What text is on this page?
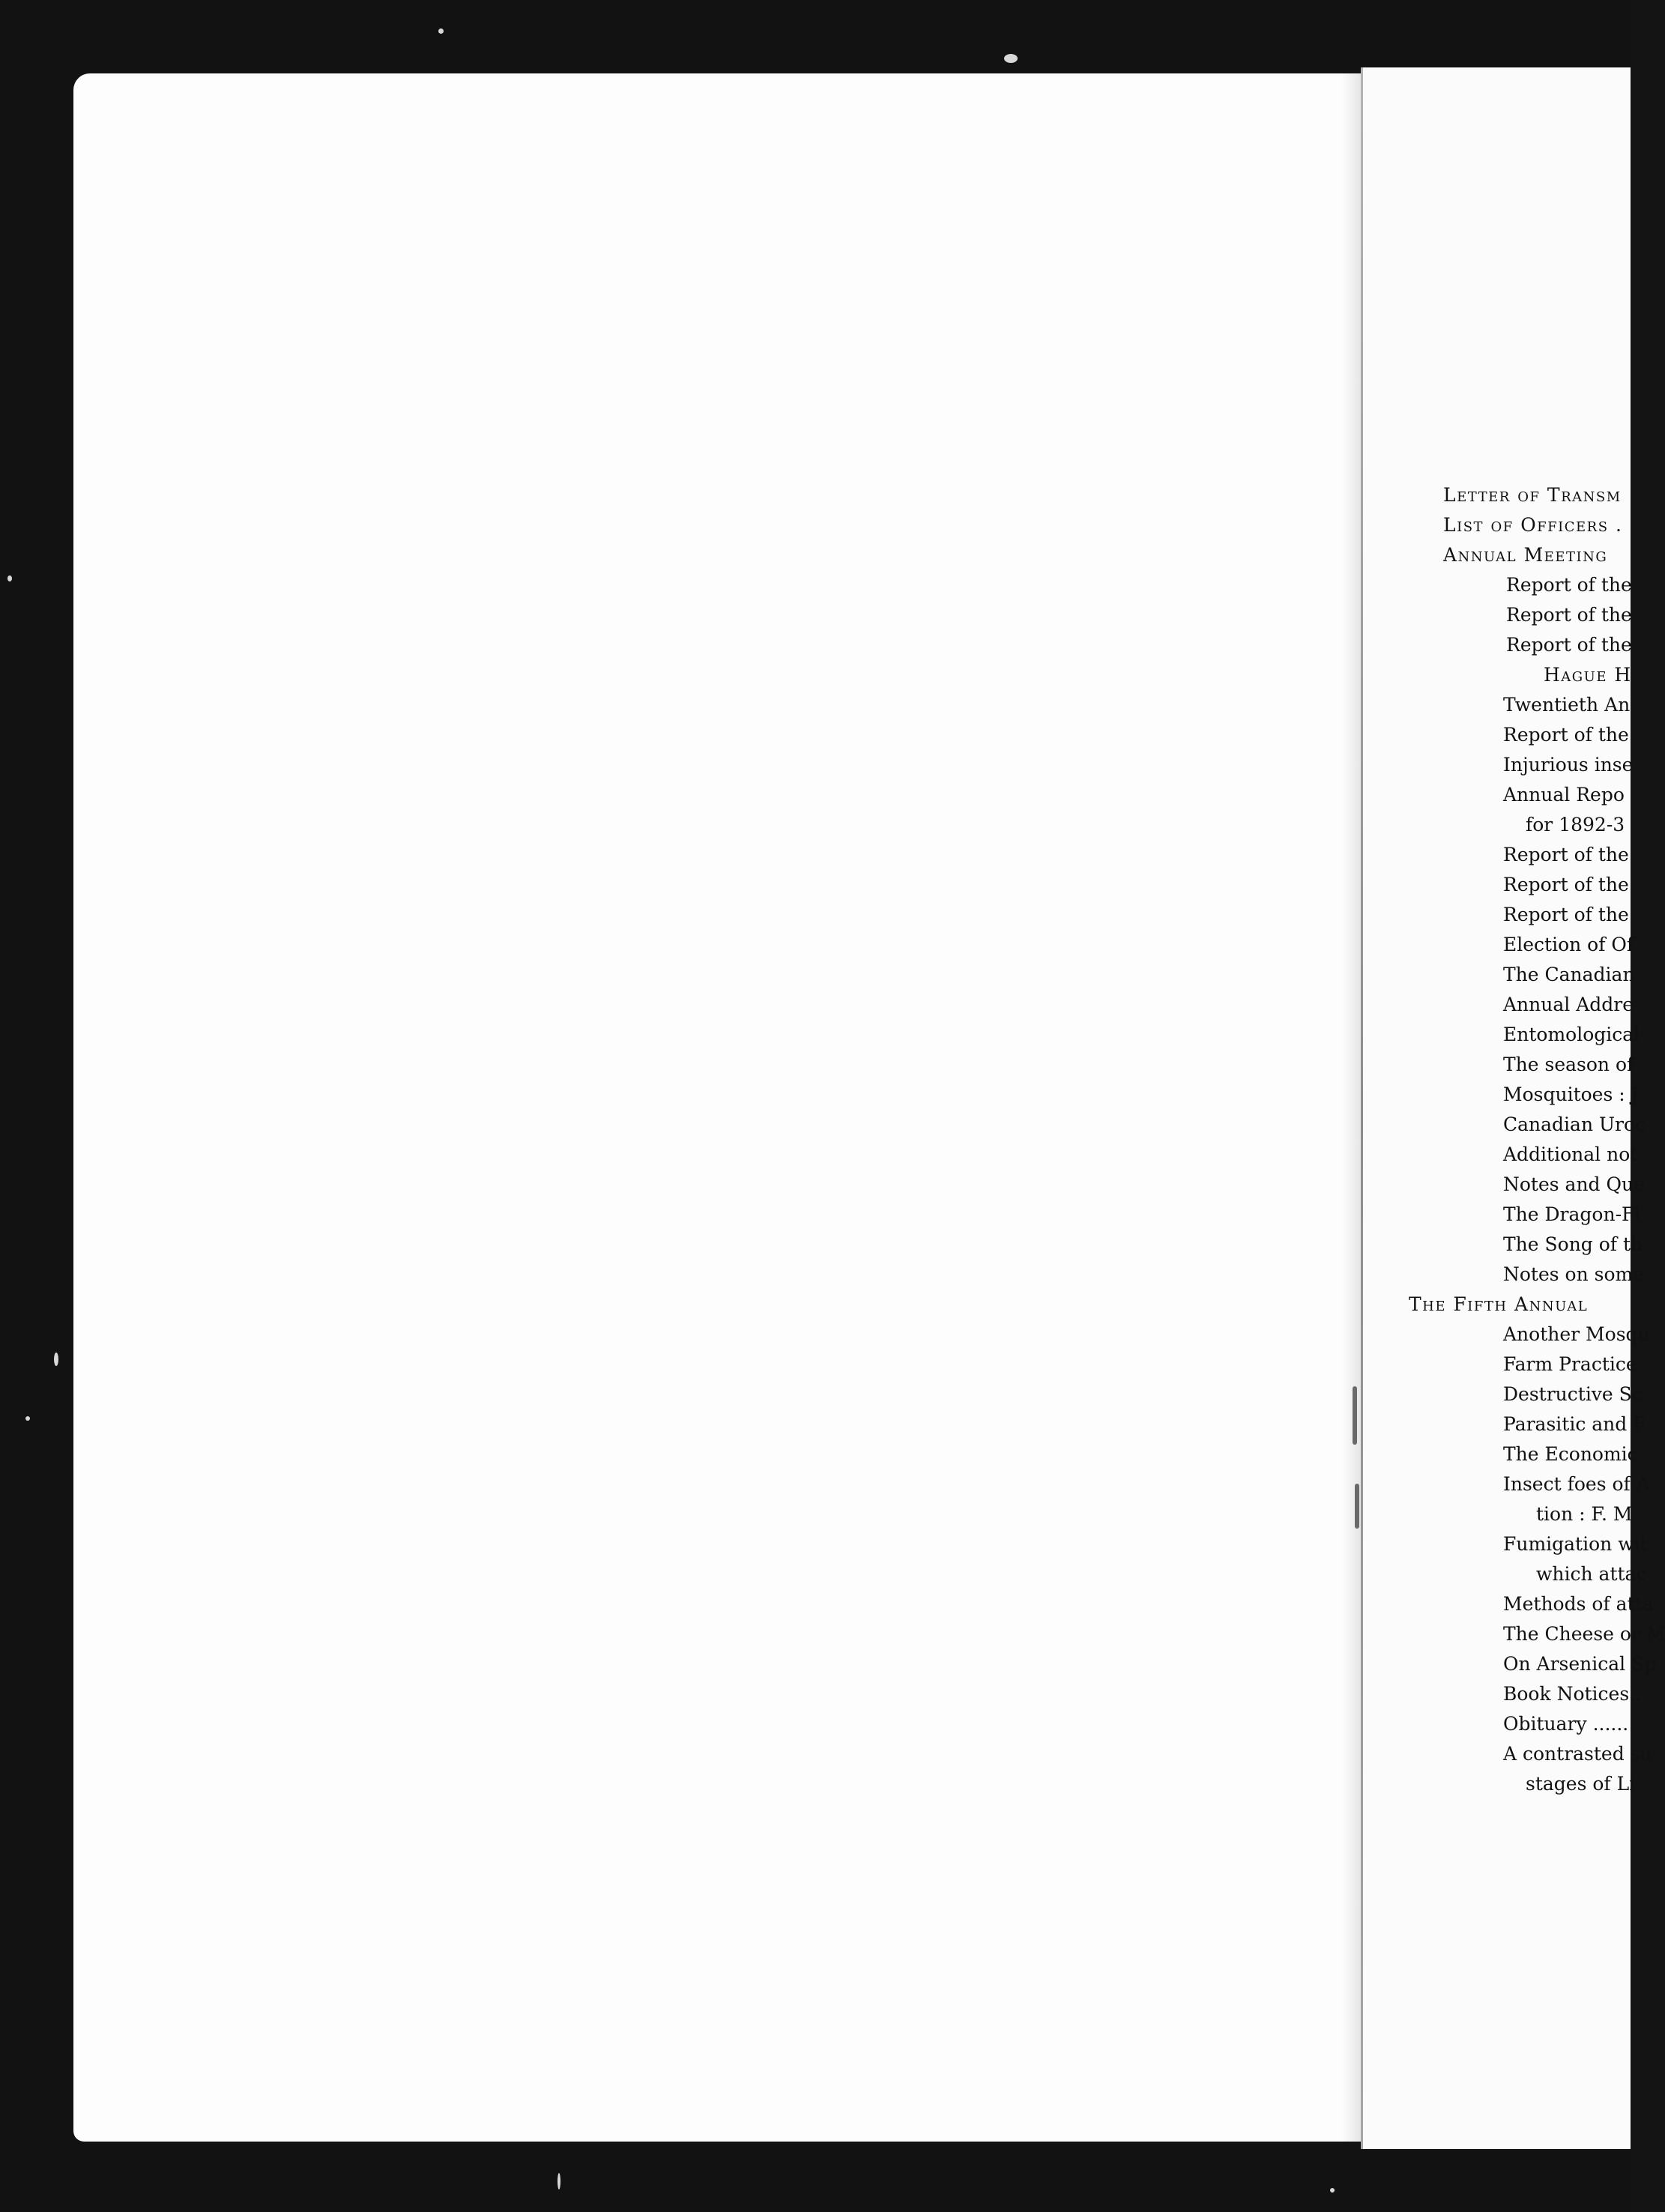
Letter of Transm
List of Officers .
Annual Meeting
Report of the
Report of the
Report of the
Hague H
Twentieth An
Report of the
Injurious inse
Annual Repo
for 1892-3
Report of the
Report of the
Report of the
Election of Of
The Canadian
Annual Addre
Entomological
The season of
Mosquitoes : J
Canadian Uroc
Additional not
Notes and Que
The Dragon-Fl
The Song of th
Notes on some
The Fifth Annual
Another Mosqu
Farm Practice
Destructive Sc
Parasitic and F
The Economic
Insect foes of A
tion : F. M
Fumigation wit
which attac
Methods of atta
The Cheese or M
On Arsenical Sp
Book Notices..
Obituary ......
A contrasted su
stages of Li
